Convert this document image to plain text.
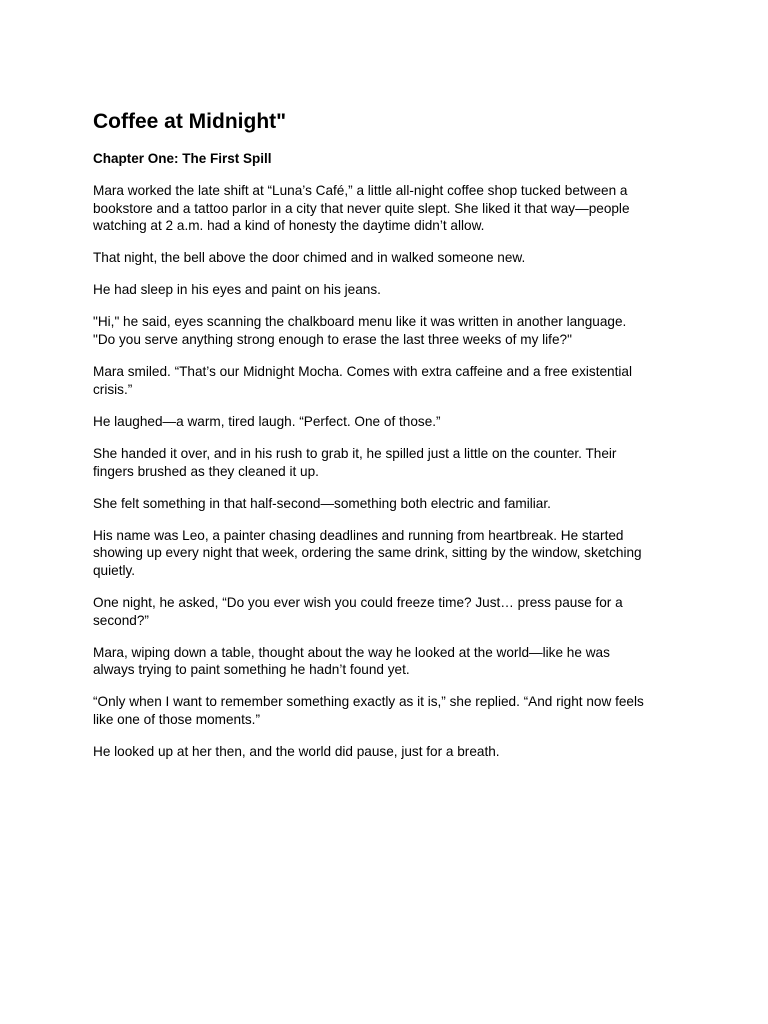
Coffee at Midnight"
Chapter One: The First Spill

Mara worked the late shift at “Luna’s Café,” a little all-night coffee shop tucked between a
bookstore and a tattoo parlor in a city that never quite slept. She liked it that way—people
watching at 2 a.m. had a kind of honesty the daytime didn’t allow.

That night, the bell above the door chimed and in walked someone new.

He had sleep in his eyes and paint on his jeans.

"Hi," he said, eyes scanning the chalkboard menu like it was written in another language.
"Do you serve anything strong enough to erase the last three weeks of my life?"

Mara smiled. “That’s our Midnight Mocha. Comes with extra caffeine and a free existential
crisis.”

He laughed—a warm, tired laugh. “Perfect. One of those.”

She handed it over, and in his rush to grab it, he spilled just a little on the counter. Their
fingers brushed as they cleaned it up.

She felt something in that half-second—something both electric and familiar.

His name was Leo, a painter chasing deadlines and running from heartbreak. He started
showing up every night that week, ordering the same drink, sitting by the window, sketching
quietly.

One night, he asked, “Do you ever wish you could freeze time? Just… press pause for a
second?”

Mara, wiping down a table, thought about the way he looked at the world—like he was
always trying to paint something he hadn’t found yet.

“Only when I want to remember something exactly as it is,” she replied. “And right now feels
like one of those moments.”

He looked up at her then, and the world did pause, just for a breath.
